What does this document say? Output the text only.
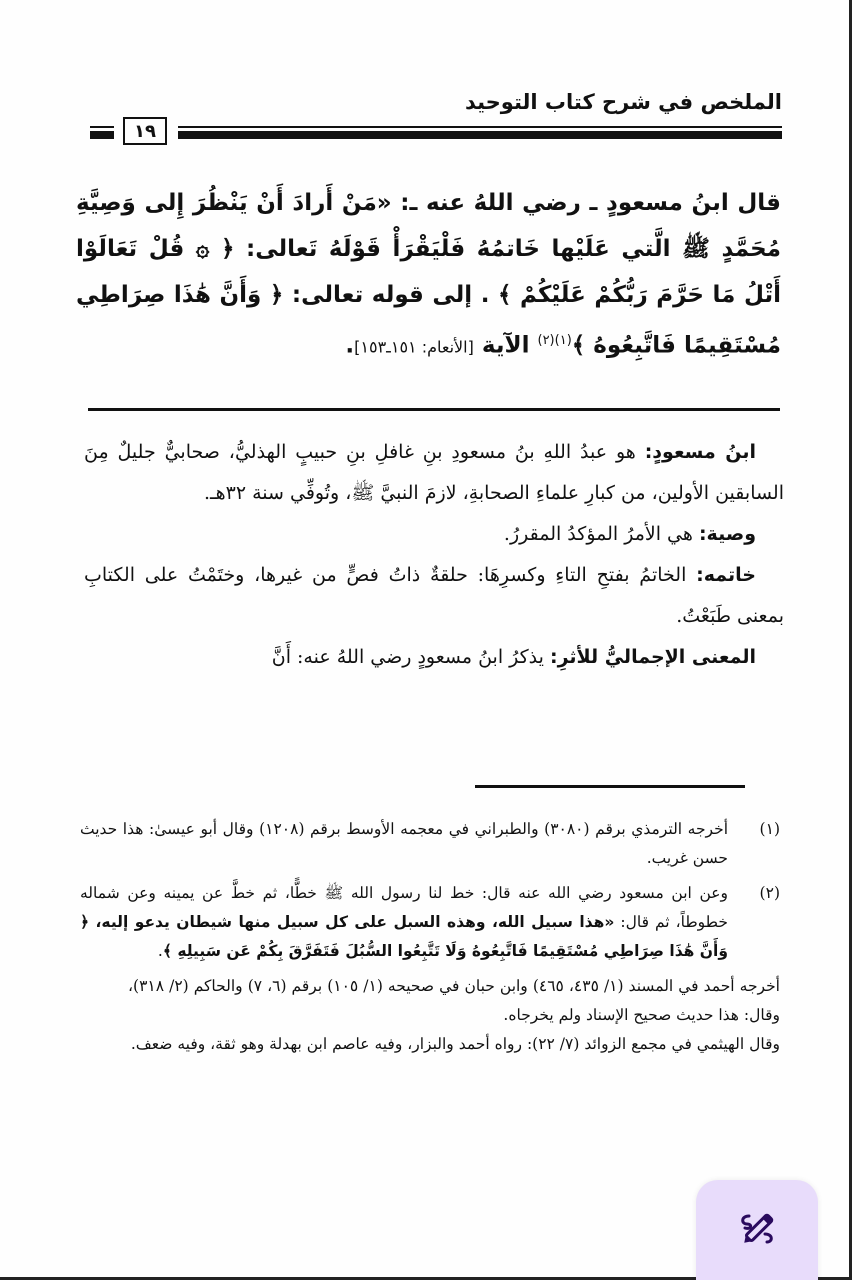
الملخص في شرح كتاب التوحيد
١٩
قال ابنُ مسعودٍ ـ رضي اللهُ عنه ـ: «مَنْ أَرادَ أَنْ يَنْظُرَ إِلى وَصِيَّةِ مُحَمَّدٍ ﷺ الَّتي عَلَيْها خَاتمُهُ فَلْيَقْرَأْ قَوْلَهُ تَعالى: ﴿ ۞ قُلْ تَعَالَوْا أَتْلُ مَا حَرَّمَ رَبُّكُمْ عَلَيْكُمْ ﴾ . إلى قوله تعالى: ﴿ وَأَنَّ هَٰذَا صِرَاطِي مُسْتَقِيمًا فَاتَّبِعُوهُ ﴾$^{(١)(٢)}$ الآية [الأنعام: ١٥١ـ١٥٣].

ابنُ مسعودٍ: هو عبدُ اللهِ بنُ مسعودِ بنِ غافلِ بنِ حبيبٍ الهذليُّ، صحابيٌّ جليلٌ مِنَ السابقين الأولين، من كبارِ علماءِ الصحابةِ، لازمَ النبيَّ ﷺ، وتُوفِّي سنة ٣٢هـ.

وصية: هي الأمرُ المؤكدُ المقررُ.

خاتمه: الخاتمُ بفتحِ التاءِ وكسرِهَا: حلقةٌ ذاتُ فصٍّ من غيرها، وختَمْتُ على الكتابِ بمعنى طَبَعْتُ.

المعنى الإجماليُّ للأثرِ: يذكرُ ابنُ مسعودٍ رضي اللهُ عنه: أَنَّ

(١)
أخرجه الترمذي برقم (٣٠٨٠) والطبراني في معجمه الأوسط برقم (١٢٠٨) وقال أبو عيسىٰ: هذا حديث حسن غريب.

(٢)
وعن ابن مسعود رضي الله عنه قال: خط لنا رسول الله ﷺ خطًّا، ثم خطَّ عن يمينه وعن شماله خطوطاً، ثم قال: «هذا سبيل الله، وهذه السبل على كل سبيل منها شيطان يدعو إليه، ﴿ وَأَنَّ هَٰذَا صِرَاطِي مُسْتَقِيمًا فَاتَّبِعُوهُ وَلَا تَتَّبِعُوا السُّبُلَ فَتَفَرَّقَ بِكُمْ عَن سَبِيلِهِ ﴾.

أخرجه أحمد في المسند (١/ ٤٣٥، ٤٦٥) وابن حبان في صحيحه (١/ ١٠٥) برقم (٦، ٧) والحاكم (٢/ ٣١٨)، وقال: هذا حديث صحيح الإسناد ولم يخرجاه.

وقال الهيثمي في مجمع الزوائد (٧/ ٢٢): رواه أحمد والبزار، وفيه عاصم ابن بهدلة وهو ثقة، وفيه ضعف.
